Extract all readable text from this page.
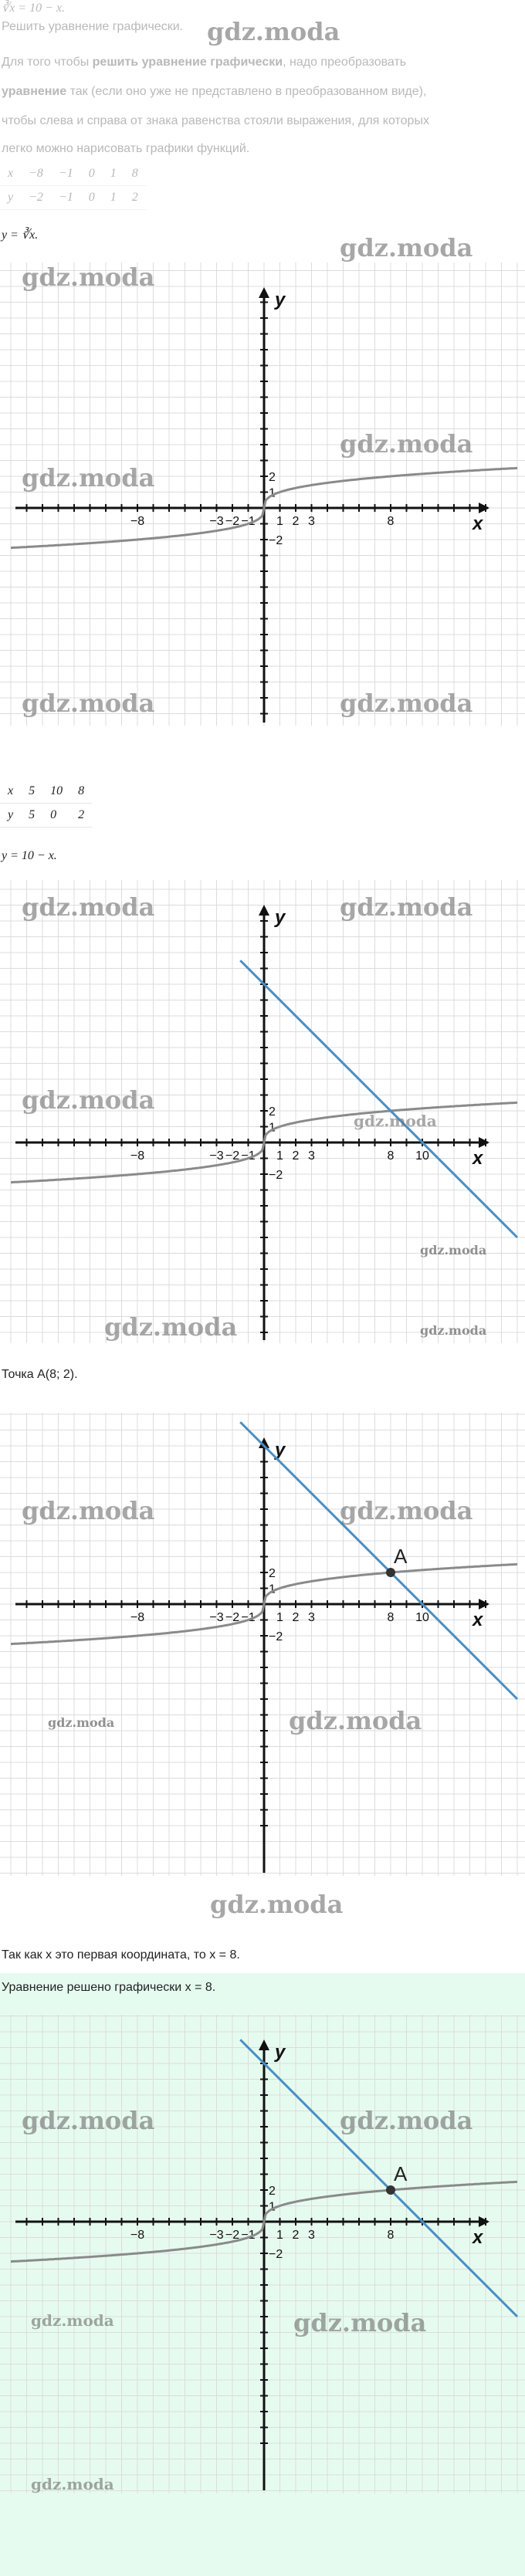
∛x = 10 − x.
Решить уравнение графически.
Для того чтобы решить уравнение графически, надо преобразовать
уравнение так (если оно уже не представлено в преобразованном виде),
чтобы слева и справа от знака равенства стояли выражения, для которых
легко можно нарисовать графики функций.
x	−8	−1	0	1	8
y	−2	−1	0	1	2
y = ∛x.
gdz.moda
gdz.moda
x
y
−8	−3 −2 −1 1 2 3	8
2
1
−2
gdz.moda
gdz.moda
gdz.moda
gdz.moda	gdz.moda
x	5	10	8
y	5	0	2
y = 10 − x.
x
y
−8	−3 −2 −1 1 2 3	8 10
2
1
−2
gdz.moda	gdz.moda
gdz.moda
gdz.moda
gdz.moda
gdz.moda
gdz.moda
Точка A(8; 2).
x
y
−8	−3 −2 −1 1 2 3	8 10
2
1
−2
A
gdz.moda	gdz.moda
gdz.moda	gdz.moda
gdz.moda
Так как x это первая координата, то x = 8.
Уравнение решено графически x = 8.
x
y
−8	−3 −2 −1 1 2 3	8
2
1
−2
A
gdz.moda	gdz.moda
gdz.moda	gdz.moda
gdz.moda
